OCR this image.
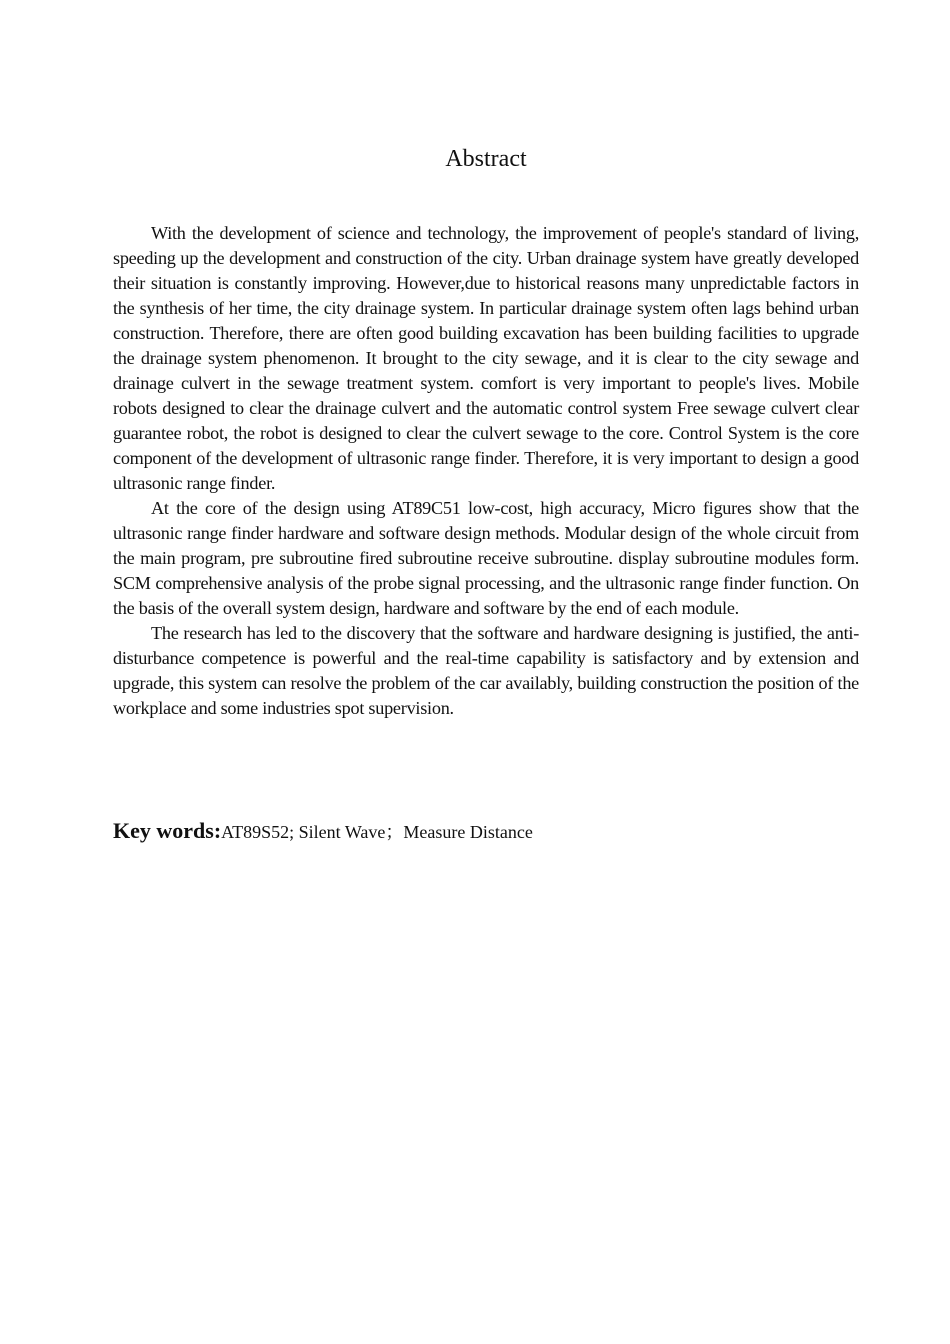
Abstract

With the development of science and technology, the improvement of people's standard of living, speeding up the development and construction of the city. Urban drainage system have greatly developed their situation is constantly improving. However,due to historical reasons many unpredictable factors in the synthesis of her time, the city drainage system. In particular drainage system often lags behind urban construction. Therefore, there are often good building excavation has been building facilities to upgrade the drainage system phenomenon. It brought to the city sewage, and it is clear to the city sewage and drainage culvert in the sewage treatment system. comfort is very important to people's lives. Mobile robots designed to clear the drainage culvert and the automatic control system Free sewage culvert clear guarantee robot, the robot is designed to clear the culvert sewage to the core. Control System is the core component of the development of ultrasonic range finder. Therefore, it is very important to design a good ultrasonic range finder.

At the core of the design using AT89C51 low-cost, high accuracy, Micro figures show that the ultrasonic range finder hardware and software design methods. Modular design of the whole circuit from the main program, pre subroutine fired subroutine receive subroutine. display subroutine modules form. SCM comprehensive analysis of the probe signal processing, and the ultrasonic range finder function. On the basis of the overall system design, hardware and software by the end of each module.

The research has led to the discovery that the software and hardware designing is justified, the anti-disturbance competence is powerful and the real-time capability is satisfactory and by extension and upgrade, this system can resolve the problem of the car availably, building construction the position of the workplace and some industries spot supervision.

Key words:AT89S52; Silent Wave；Measure Distance
